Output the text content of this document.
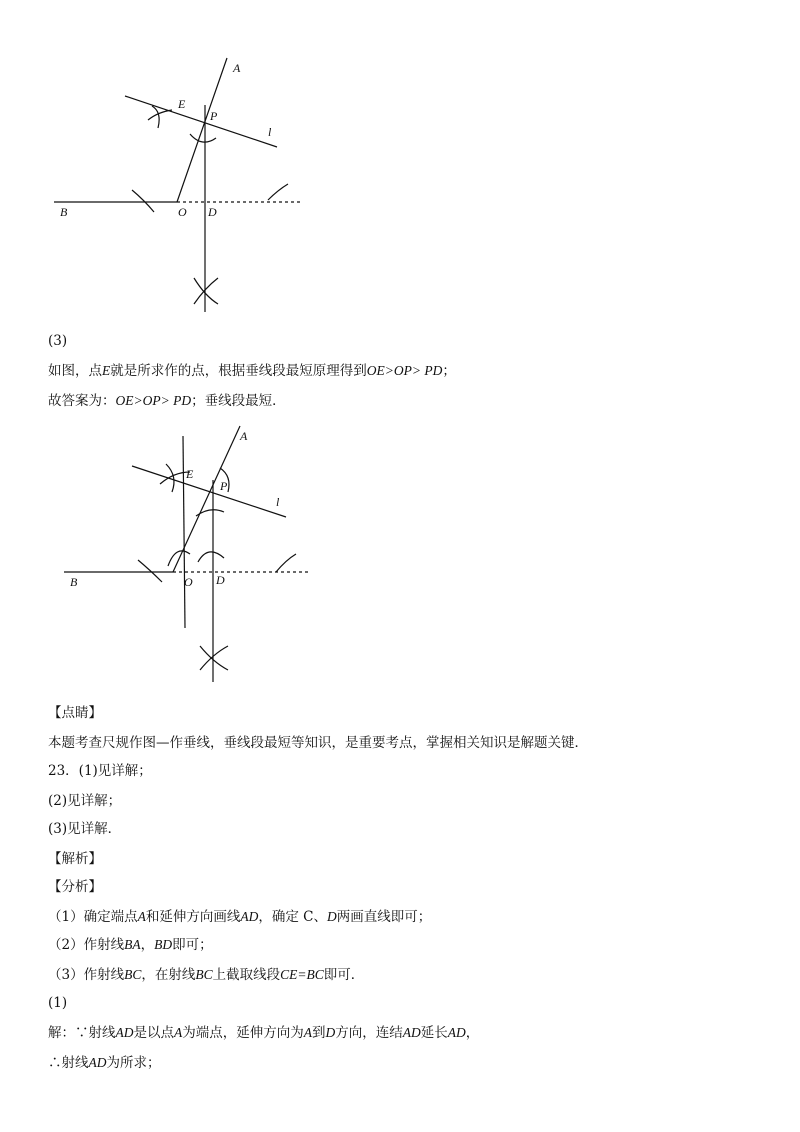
A
E
P
l
B	O D
(3)
如图，点E就是所求作的点，根据垂线段最短原理得到OE>OP> PD；
故答案为：OE>OP> PD；垂线段最短．
A
E
P
l
B	O D
【点睛】
本题考查尺规作图—作垂线，垂线段最短等知识，是重要考点，掌握相关知识是解题关键．
23．(1)见详解；
(2)见详解；
(3)见详解．
【解析】
【分析】
（1）确定端点A和延伸方向画线AD，确定 C、D两画直线即可；
（2）作射线BA，BD即可；
（3）作射线BC，在射线BC上截取线段CE=BC即可．
(1)
解：∵射线AD是以点A为端点，延伸方向为A到D方向，连结AD延长AD，
∴射线AD为所求；
